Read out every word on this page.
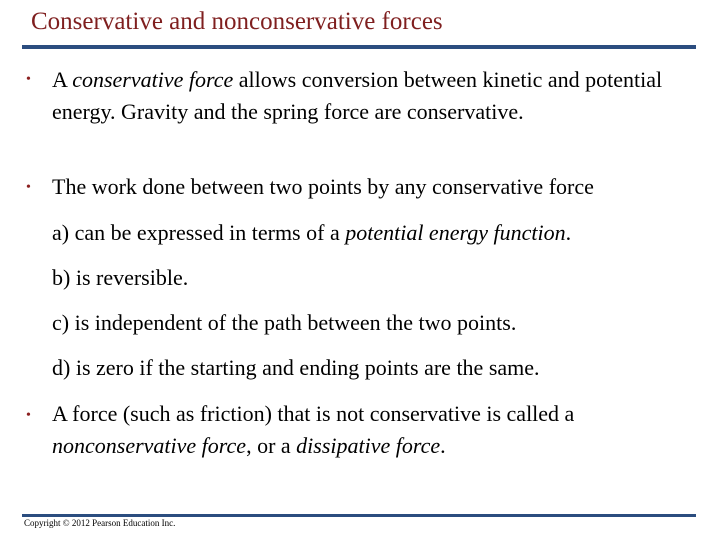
Conservative and nonconservative forces
• A conservative force allows conversion between kinetic and potential energy. Gravity and the spring force are conservative.
• The work done between two points by any conservative force
a) can be expressed in terms of a potential energy function.
b) is reversible.
c) is independent of the path between the two points.
d) is zero if the starting and ending points are the same.
• A force (such as friction) that is not conservative is called a nonconservative force, or a dissipative force.
Copyright © 2012 Pearson Education Inc.
